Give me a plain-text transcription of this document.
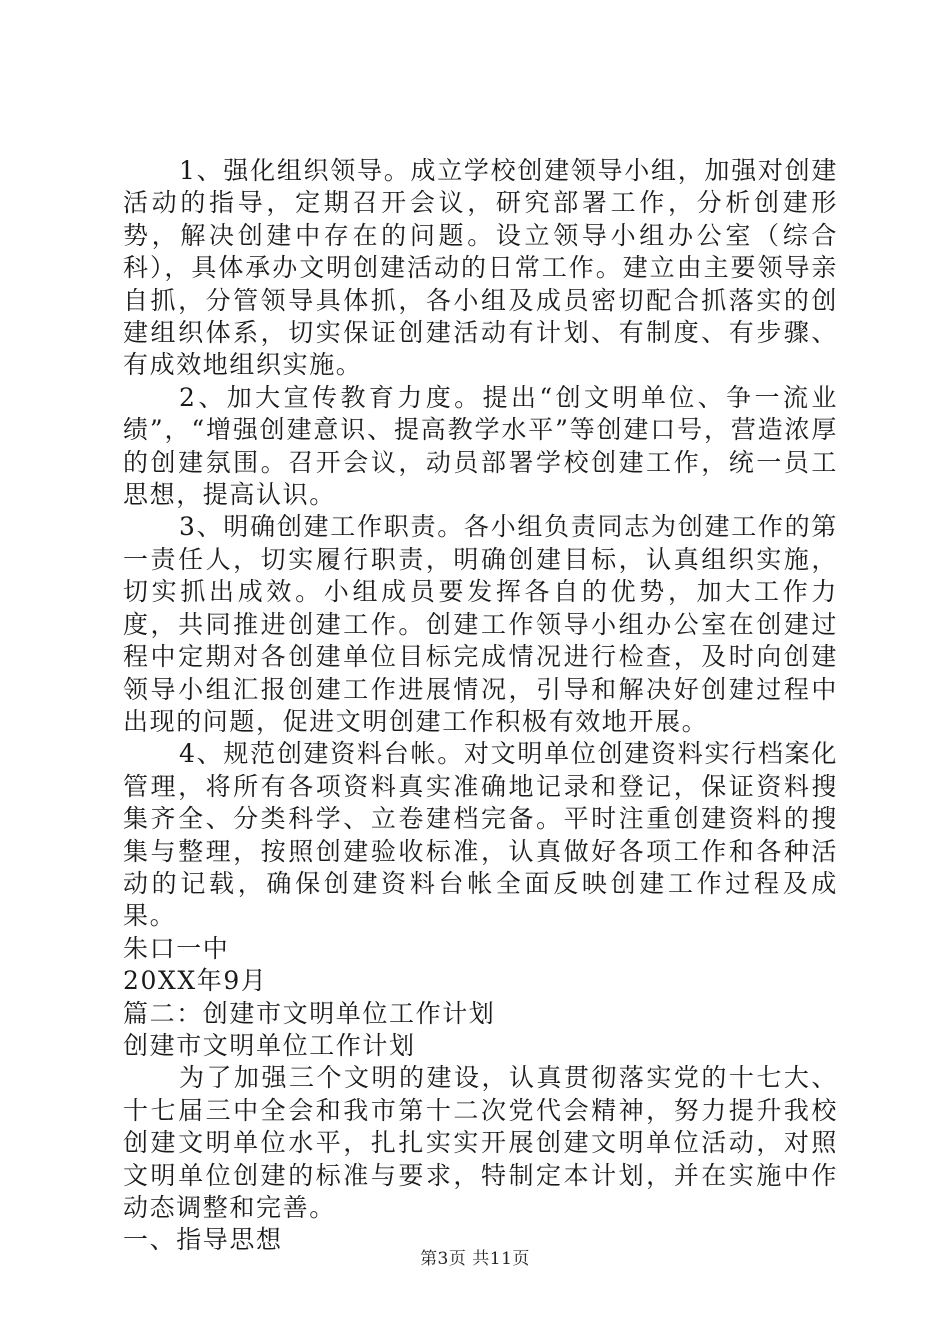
1、强化组织领导。成立学校创建领导小组，加强对创建活动的指导，定期召开会议，研究部署工作，分析创建形势，解决创建中存在的问题。设立领导小组办公室（综合科），具体承办文明创建活动的日常工作。建立由主要领导亲自抓，分管领导具体抓，各小组及成员密切配合抓落实的创建组织体系，切实保证创建活动有计划、有制度、有步骤、有成效地组织实施。

2、加大宣传教育力度。提出“创文明单位、争一流业绩”，“增强创建意识、提高教学水平”等创建口号，营造浓厚的创建氛围。召开会议，动员部署学校创建工作，统一员工思想，提高认识。

3、明确创建工作职责。各小组负责同志为创建工作的第一责任人，切实履行职责，明确创建目标，认真组织实施，切实抓出成效。小组成员要发挥各自的优势，加大工作力度，共同推进创建工作。创建工作领导小组办公室在创建过程中定期对各创建单位目标完成情况进行检查，及时向创建领导小组汇报创建工作进展情况，引导和解决好创建过程中出现的问题，促进文明创建工作积极有效地开展。

4、规范创建资料台帐。对文明单位创建资料实行档案化管理，将所有各项资料真实准确地记录和登记，保证资料搜集齐全、分类科学、立卷建档完备。平时注重创建资料的搜集与整理，按照创建验收标准，认真做好各项工作和各种活动的记载，确保创建资料台帐全面反映创建工作过程及成果。

朱口一中

20XX年9月

篇二：创建市文明单位工作计划

创建市文明单位工作计划

为了加强三个文明的建设，认真贯彻落实党的十七大、十七届三中全会和我市第十二次党代会精神，努力提升我校创建文明单位水平，扎扎实实开展创建文明单位活动，对照文明单位创建的标准与要求，特制定本计划，并在实施中作动态调整和完善。

一、指导思想

第3页 共11页
